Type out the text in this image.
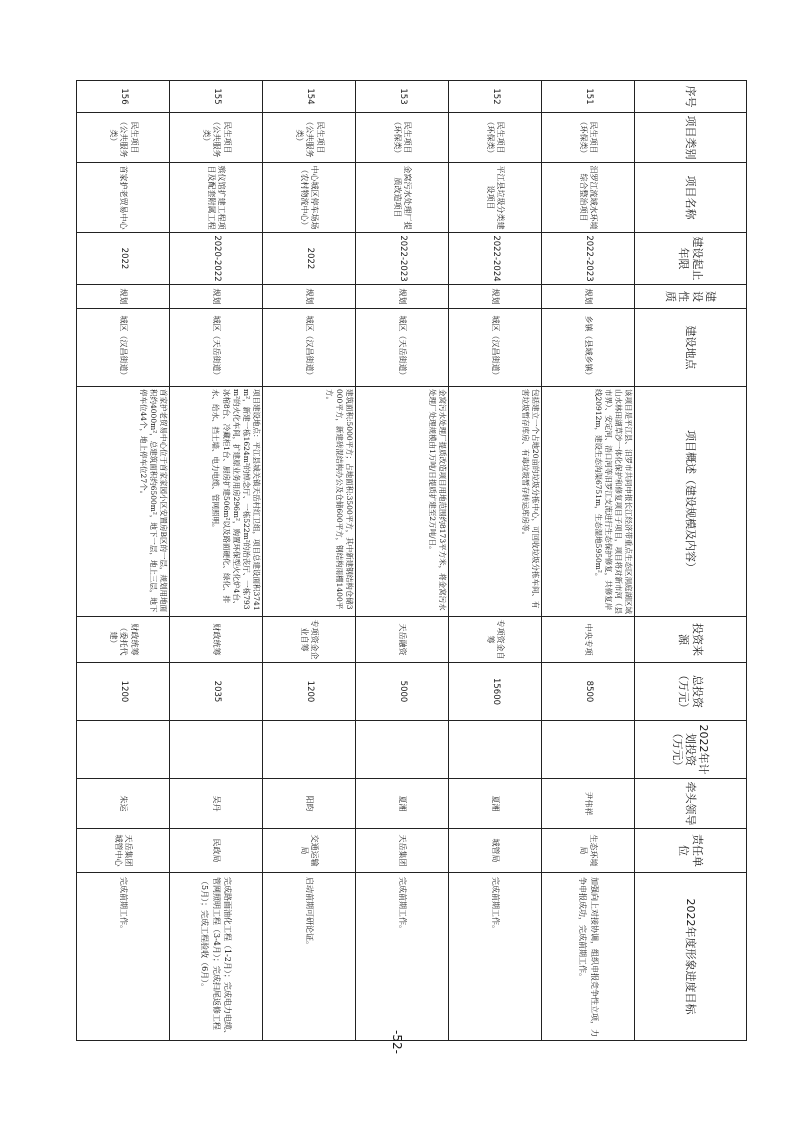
序号	项目类别	项目名称	建设起止年限	建设性质	建设地点	项目概述（建设规模及内容）	投资来源	总投资（万元）	2022年计划投资（万元）	牵头领导	责任单位	2022年度形象进度目标
151	民生项目（环保类）	汨罗江流域水环境综合整治项目	2022-2023	规划	乡镇（县域乡镇）	该项目是平江县、汨罗市共同申报长江经济带重点生态区洞庭湖区域山水林田湖草沙一体化保护和修复项目子项目，项目将对新市河（县市界）、安定河、浯口河等汨罗江支流进行生态保护修复，共修复岸线20912m，建设生态沟渠6751m，生态湿地5950m²。	中央专项	8500		尹伟祥	生态环境局	加强向上对接协调，组织申报竞争性立项，力争申报成功，完成前期工作。
152	民生项目（环保类）	平江县垃圾分类建设项目	2022-2024	规划	城区（汉昌街道）	包括建立一个占地20亩的垃圾分拣中心，可回收垃圾分拣车间、有害垃圾暂存库房、有毒垃圾暂存转运库房等。	专项资金自筹	15600		夏湘	城管局	完成前期工作。
153	民生项目（环保类）	金窝污水处理厂提质改造项目	2022-2023	规划	城区（天岳街道）	金窝污水处理厂提质改造项目用地范围约8173平方米，将金窝污水处理厂处理规模由1万吨/日提质扩建至2万吨/日。	天岳融资	5000		夏湘	天岳集团	完成前期工作。
154	民生项目（公共服务类）	中心城区停车场场（农村物流中心）	2022	规划	城区（汉昌街道）	建筑面积:5000平方；占地面积:3500平方，其中新建钢结构仓储3000平方，新建砖混结构办公及仓储600平方，钢结构雨棚1400平方。	专项资金企业自筹	1200		阳昀	交通运输局	启动前期可研论证。
155	民生项目（公共服务类）	殡仪馆扩建工程项目及配套附属工程	2020-2022	规划	城区（天岳街道）	项目建设地点：平江县城关镇天岳村红卫组，项目总建设面积3741m²，新建一栋1624m²的悼念厅、一栋522m²的治丧厅、一栋793m²的火化车间，扩建原业务用房296m²，购置环保型火化炉4台、冰棺8台、冷藏柜1台、厨房扩建506m²以及路面硬化、绿化、排水、给水、挡土墙、电力电缆、管网照明。	财政统筹	2035		吴丹	民政局	完成路面油化工程（1-2月）；完成电力电缆、管网照明工程（3-4月）；完成扫尾返修工程（5月）；完成工程验收（6月）。
156	民生项目（公共服务类）	首家护老贸易中心	2022	规划	城区（汉昌街道）	首家护老贸易中心位于首家家园小区安置房B区的一层，规划用地面积约4000m²，总建筑面积约6500m²，地下一层，地上三层，地下停车位44个，地上停车位27个。	财政统筹（委托代建）	1200		朱运	天岳集团城管中心	完成前期工作。
-52-
